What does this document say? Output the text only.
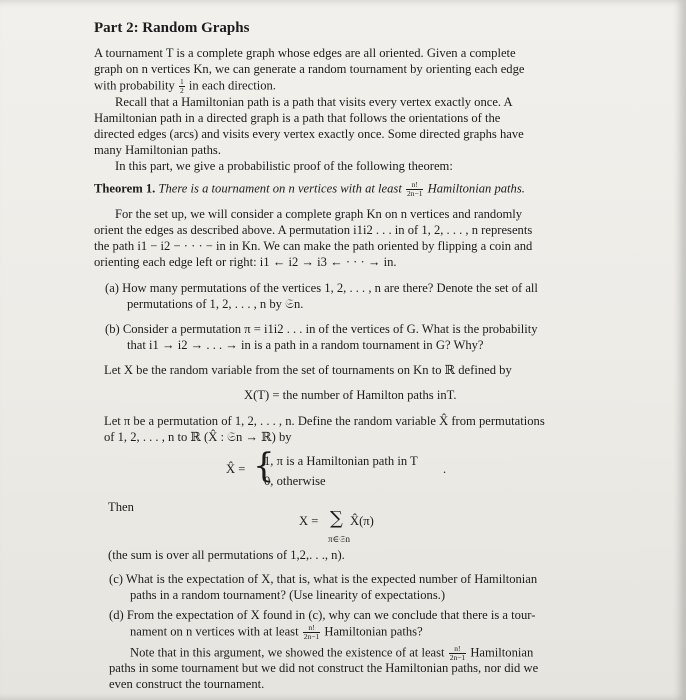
Part 2: Random Graphs
A tournament T is a complete graph whose edges are all oriented. Given a complete
graph on n vertices Kn, we can generate a random tournament by orienting each edge
with probability $\frac{1}{2}$ in each direction.
Recall that a Hamiltonian path is a path that visits every vertex exactly once. A
Hamiltonian path in a directed graph is a path that follows the orientations of the
directed edges (arcs) and visits every vertex exactly once. Some directed graphs have
many Hamiltonian paths.
In this part, we give a probabilistic proof of the following theorem:
Theorem 1. There is a tournament on n vertices with at least $\frac{n!}{2n-1}$ Hamiltonian paths.
For the set up, we will consider a complete graph Kn on n vertices and randomly
orient the edges as described above. A permutation i1i2 . . . in of 1, 2, . . . , n represents
the path i1 − i2 − · · · − in in Kn. We can make the path oriented by flipping a coin and
orienting each edge left or right: i1 ← i2 → i3 ← · · · → in.
(a) How many permutations of the vertices 1, 2, . . . , n are there? Denote the set of all
permutations of 1, 2, . . . , n by 𝔖n.
(b) Consider a permutation π = i1i2 . . . in of the vertices of G. What is the probability
that i1 → i2 → . . . → in is a path in a random tournament in G? Why?
Let X be the random variable from the set of tournaments on Kn to ℝ defined by
X(T) = the number of Hamilton paths inT.
Let π be a permutation of 1, 2, . . . , n. Define the random variable X̂ from permutations
of 1, 2, . . . , n to ℝ (X̂ : 𝔖n → ℝ) by
X̂ = {
1, π is a Hamiltonian path in T
0, otherwise
.
Then
X = ∑
π∈𝔖n
X̂(π)
(the sum is over all permutations of 1,2,. . ., n).
(c) What is the expectation of X, that is, what is the expected number of Hamiltonian
paths in a random tournament? (Use linearity of expectations.)
(d) From the expectation of X found in (c), why can we conclude that there is a tour-
nament on n vertices with at least $\frac{n!}{2n-1}$ Hamiltonian paths?
Note that in this argument, we showed the existence of at least $\frac{n!}{2n-1}$ Hamiltonian
paths in some tournament but we did not construct the Hamiltonian paths, nor did we
even construct the tournament.
